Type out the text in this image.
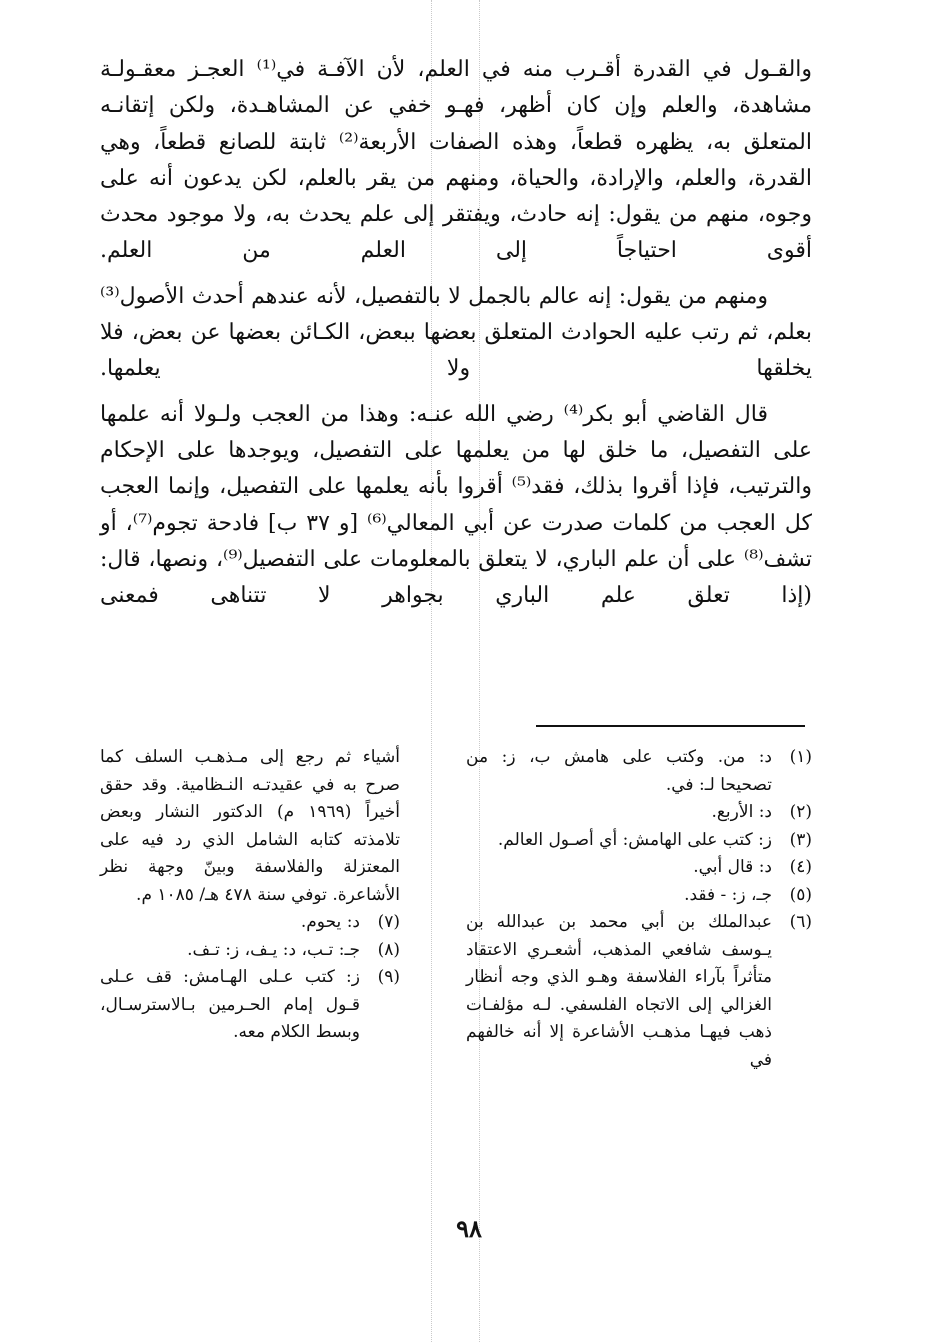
والقـول في القدرة أقـرب منه في العلم، لأن الآفـة في⁽¹⁾ العجـز معقـولـة مشاهدة، والعلم وإن كان أظهر، فهـو خفي عن المشاهـدة، ولكن إتقانـه المتعلق به، يظهره قطعاً، وهذه الصفات الأربعة⁽²⁾ ثابتة للصانع قطعاً، وهي القدرة، والعلم، والإرادة، والحياة، ومنهم من يقر بالعلم، لكن يدعون أنه على وجوه، منهم من يقول: إنه حادث، ويفتقر إلى علم يحدث به، ولا موجود محدث أقوى احتياجاً إلى العلم من العلم.

ومنهم من يقول: إنه عالم بالجمل لا بالتفصيل، لأنه عندهم أحدث الأصول⁽³⁾ بعلم، ثم رتب عليه الحوادث المتعلق بعضها ببعض، الكـائن بعضها عن بعض، فلا يخلقها ولا يعلمها.

قال القاضي أبو بكر⁽⁴⁾ رضي الله عنـه: وهذا من العجب ولـولا أنه علمها على التفصيل، ما خلق لها من يعلمها على التفصيل، ويوجدها على الإحكام والترتيب، فإذا أقروا بذلك، فقد⁽⁵⁾ أقروا بأنه يعلمها على التفصيل، وإنما العجب كل العجب من كلمات صدرت عن أبي المعالي⁽⁶⁾ [و ٣٧ ب] فادحة تجوم⁽⁷⁾، أو تشف⁽⁸⁾ على أن علم الباري، لا يتعلق بالمعلومات على التفصيل⁽⁹⁾، ونصها، قال: (إذا تعلق علم الباري بجواهر لا تتناهى فمعنى

(١)
د: من. وكتب على هامش ب، ز: من تصحيحا لـ: في.
(٢)
د: الأربع.
(٣)
ز: كتب على الهامش: أي أصـول العالم.
(٤)
د: قال أبي.
(٥)
جـ، ز: - فقد.
(٦)
عبدالملك بن أبي محمد بن عبدالله بن يـوسف شافعي المذهب، أشعـري الاعتقاد متأثراً بآراء الفلاسفة وهـو الذي وجه أنظار الغزالي إلى الاتجاه الفلسفي. لـه مؤلفـات ذهب فيهـا مذهـب الأشاعرة إلا أنه خالفهم في

أشياء ثم رجع إلى مـذهـب السلف كما صرح به في عقيدتـه النـظامية. وقد حقق أخيراً (١٩٦٩ م) الدكتور النشار وبعض تلامذته كتابه الشامل الذي رد فيه على المعتزلة والفلاسفة وبينّ وجهة نظر الأشاعرة. توفي سنة ٤٧٨ هـ/ ١٠٨٥ م.

(٧)
د: يحوم.
(٨)
جـ: تـب، د: يـف، ز: تـف.
(٩)
ز: كتب عـلى الهـامش: قف عـلى قـول إمام الحـرمين بـالاسترسـال، وبسط الكلام معه.
٩٨
